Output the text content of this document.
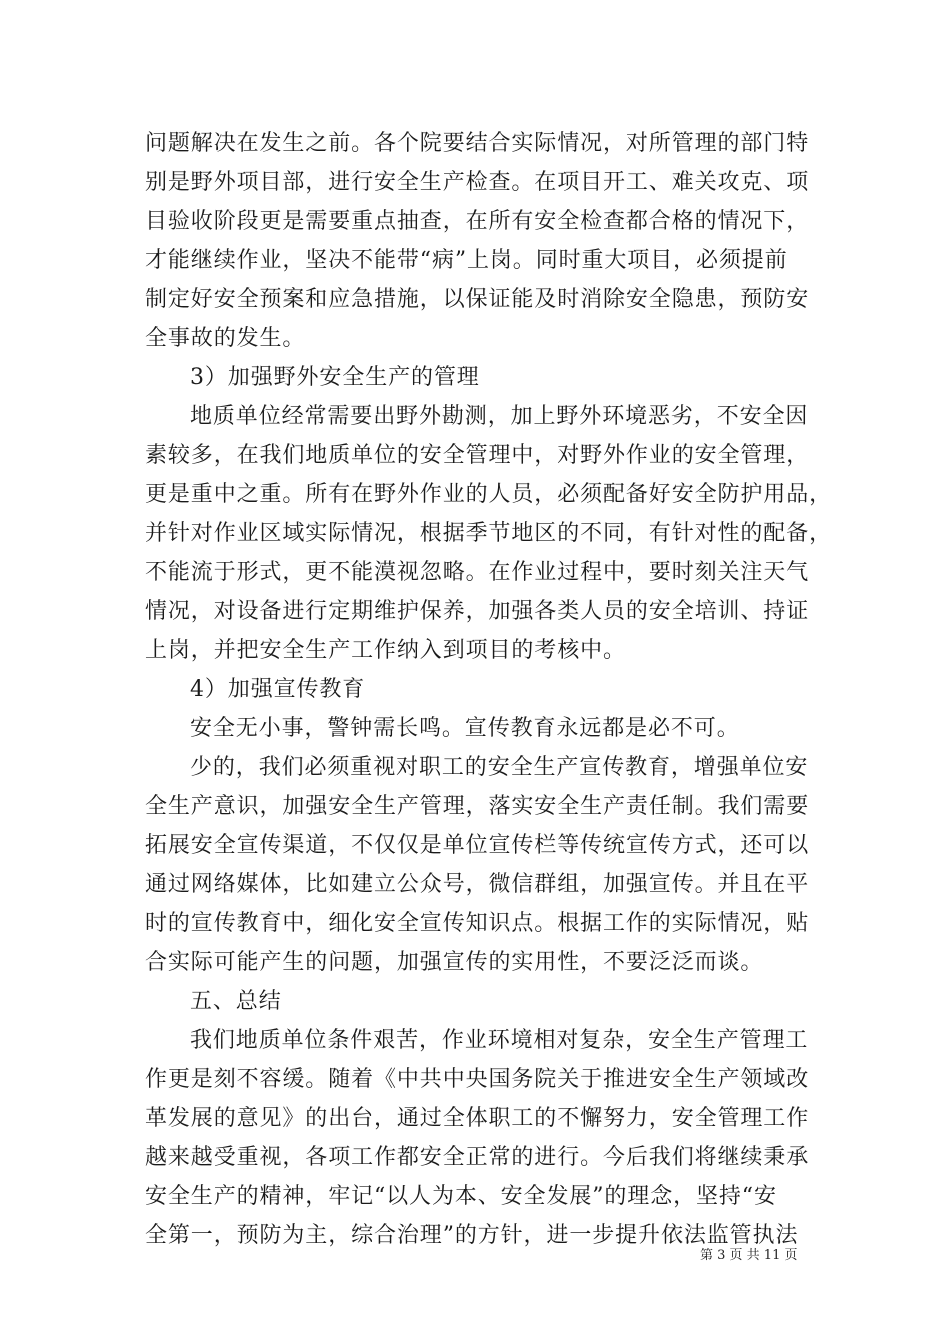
问题解决在发生之前。各个院要结合实际情况，对所管理的部门特
别是野外项目部，进行安全生产检查。在项目开工、难关攻克、项
目验收阶段更是需要重点抽查，在所有安全检查都合格的情况下，
才能继续作业，坚决不能带“病”上岗。同时重大项目，必须提前
制定好安全预案和应急措施，以保证能及时消除安全隐患，预防安
全事故的发生。
3）加强野外安全生产的管理
地质单位经常需要出野外勘测，加上野外环境恶劣，不安全因
素较多，在我们地质单位的安全管理中，对野外作业的安全管理，
更是重中之重。所有在野外作业的人员，必须配备好安全防护用品，
并针对作业区域实际情况，根据季节地区的不同，有针对性的配备，
不能流于形式，更不能漠视忽略。在作业过程中，要时刻关注天气
情况，对设备进行定期维护保养，加强各类人员的安全培训、持证
上岗，并把安全生产工作纳入到项目的考核中。
4）加强宣传教育
安全无小事，警钟需长鸣。宣传教育永远都是必不可。
少的，我们必须重视对职工的安全生产宣传教育，增强单位安
全生产意识，加强安全生产管理，落实安全生产责任制。我们需要
拓展安全宣传渠道，不仅仅是单位宣传栏等传统宣传方式，还可以
通过网络媒体，比如建立公众号，微信群组，加强宣传。并且在平
时的宣传教育中，细化安全宣传知识点。根据工作的实际情况，贴
合实际可能产生的问题，加强宣传的实用性，不要泛泛而谈。
五、总结
我们地质单位条件艰苦，作业环境相对复杂，安全生产管理工
作更是刻不容缓。随着《中共中央国务院关于推进安全生产领域改
革发展的意见》的出台，通过全体职工的不懈努力，安全管理工作
越来越受重视，各项工作都安全正常的进行。今后我们将继续秉承
安全生产的精神，牢记“以人为本、安全发展”的理念，坚持“安
全第一，预防为主，综合治理”的方针，进一步提升依法监管执法
第 3 页 共 11 页
